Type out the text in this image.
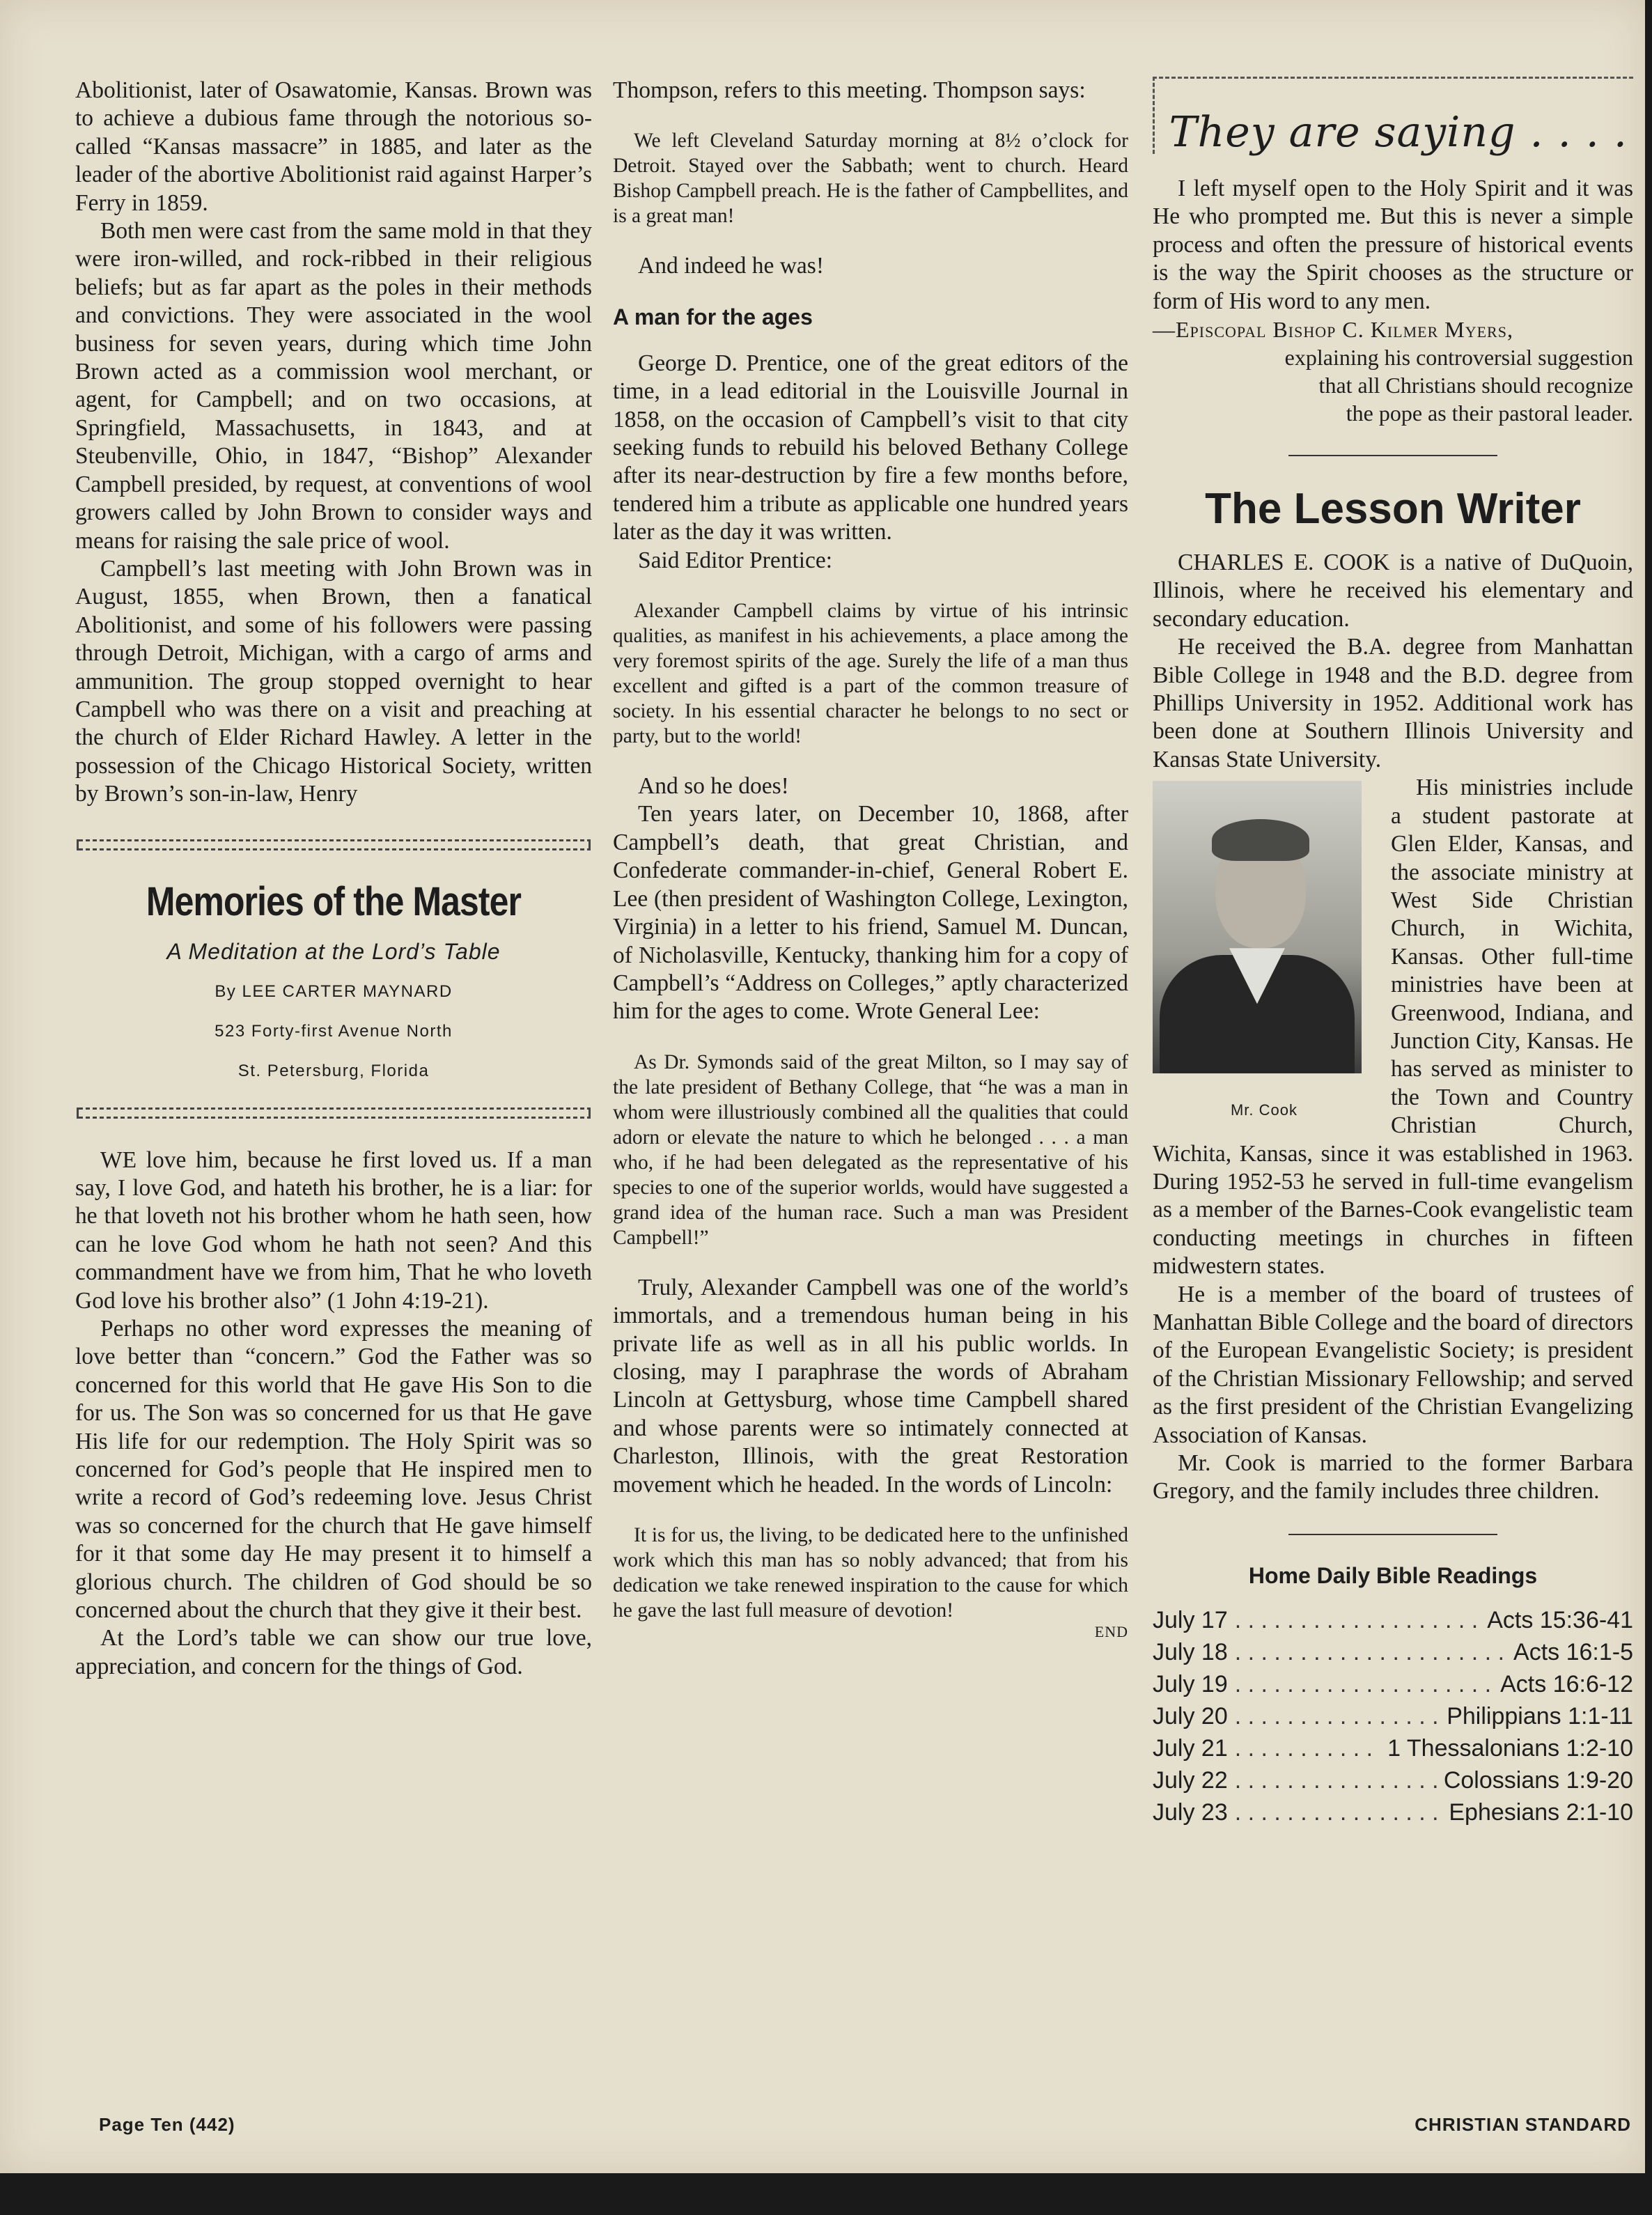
Abolitionist, later of Osawatomie, Kansas. Brown was to achieve a dubious fame through the notorious so-called “Kansas massacre” in 1885, and later as the leader of the abortive Abolitionist raid against Harper’s Ferry in 1859.

Both men were cast from the same mold in that they were iron-willed, and rock-ribbed in their religious beliefs; but as far apart as the poles in their methods and convictions. They were associated in the wool business for seven years, during which time John Brown acted as a commission wool merchant, or agent, for Campbell; and on two occasions, at Springfield, Massachusetts, in 1843, and at Steubenville, Ohio, in 1847, “Bishop” Alexander Campbell presided, by request, at conventions of wool growers called by John Brown to consider ways and means for raising the sale price of wool.

Campbell’s last meeting with John Brown was in August, 1855, when Brown, then a fanatical Abolitionist, and some of his followers were passing through Detroit, Michigan, with a cargo of arms and ammunition. The group stopped overnight to hear Campbell who was there on a visit and preaching at the church of Elder Richard Hawley. A letter in the possession of the Chicago Historical Society, written by Brown’s son-in-law, Henry

Memories of the Master
A Meditation at the Lord’s Table
By LEE CARTER MAYNARD
523 Forty-first Avenue North
St. Petersburg, Florida

WE love him, because he first loved us. If a man say, I love God, and hateth his brother, he is a liar: for he that loveth not his brother whom he hath seen, how can he love God whom he hath not seen? And this commandment have we from him, That he who loveth God love his brother also” (1 John 4:19-21).

Perhaps no other word expresses the meaning of love better than “concern.” God the Father was so concerned for this world that He gave His Son to die for us. The Son was so concerned for us that He gave His life for our redemption. The Holy Spirit was so concerned for God’s people that He inspired men to write a record of God’s redeeming love. Jesus Christ was so concerned for the church that He gave himself for it that some day He may present it to himself a glorious church. The children of God should be so concerned about the church that they give it their best.

At the Lord’s table we can show our true love, appreciation, and concern for the things of God.

Thompson, refers to this meeting. Thompson says:

We left Cleveland Saturday morning at 8½ o’clock for Detroit. Stayed over the Sabbath; went to church. Heard Bishop Campbell preach. He is the father of Campbellites, and is a great man!

And indeed he was!

A man for the ages

George D. Prentice, one of the great editors of the time, in a lead editorial in the Louisville Journal in 1858, on the occasion of Campbell’s visit to that city seeking funds to rebuild his beloved Bethany College after its near-destruction by fire a few months before, tendered him a tribute as applicable one hundred years later as the day it was written.

Said Editor Prentice:

Alexander Campbell claims by virtue of his intrinsic qualities, as manifest in his achievements, a place among the very foremost spirits of the age. Surely the life of a man thus excellent and gifted is a part of the common treasure of society. In his essential character he belongs to no sect or party, but to the world!

And so he does!

Ten years later, on December 10, 1868, after Campbell’s death, that great Christian, and Confederate commander-in-chief, General Robert E. Lee (then president of Washington College, Lexington, Virginia) in a letter to his friend, Samuel M. Duncan, of Nicholasville, Kentucky, thanking him for a copy of Campbell’s “Address on Colleges,” aptly characterized him for the ages to come. Wrote General Lee:

As Dr. Symonds said of the great Milton, so I may say of the late president of Bethany College, that “he was a man in whom were illustriously combined all the qualities that could adorn or elevate the nature to which he belonged . . . a man who, if he had been delegated as the representative of his species to one of the superior worlds, would have suggested a grand idea of the human race. Such a man was President Campbell!”

Truly, Alexander Campbell was one of the world’s immortals, and a tremendous human being in his private life as well as in all his public worlds. In closing, may I paraphrase the words of Abraham Lincoln at Gettysburg, whose time Campbell shared and whose parents were so intimately connected at Charleston, Illinois, with the great Restoration movement which he headed. In the words of Lincoln:

It is for us, the living, to be dedicated here to the unfinished work which this man has so nobly advanced; that from his dedication we take renewed inspiration to the cause for which he gave the last full measure of devotion!

END
They are saying . . . .

I left myself open to the Holy Spirit and it was He who prompted me. But this is never a simple process and often the pressure of historical events is the way the Spirit chooses as the structure or form of His word to any men.

—Episcopal Bishop C. Kilmer Myers,
explaining his controversial suggestion
that all Christians should recognize
the pope as their pastoral leader.
The Lesson Writer

CHARLES E. COOK is a native of DuQuoin, Illinois, where he received his elementary and secondary education.

He received the B.A. degree from Manhattan Bible College in 1948 and the B.D. degree from Phillips University in 1952. Additional work has been done at Southern Illinois University and Kansas State University.

Mr. Cook

His ministries include a student pastorate at Glen Elder, Kansas, and the associate ministry at West Side Christian Church, in Wichita, Kansas. Other full-time ministries have been at Greenwood, Indiana, and Junction City, Kansas. He has served as minister to the Town and Country Christian Church, Wichita, Kansas, since it was established in 1963. During 1952-53 he served in full-time evangelism as a member of the Barnes-Cook evangelistic team conducting meetings in churches in fifteen midwestern states.

He is a member of the board of trustees of Manhattan Bible College and the board of directors of the European Evangelistic Society; is president of the Christian Missionary Fellowship; and served as the first president of the Christian Evangelizing Association of Kansas.

Mr. Cook is married to the former Barbara Gregory, and the family includes three children.

Home Daily Bible Readings
July 17 . . .	Acts 15:36-41
July 18 . . .	Acts 16:1-5
July 19 . . .	Acts 16:6-12
July 20 . . .	Philippians 1:1-11
July 21 . . .	1 Thessalonians 1:2-10
July 22 . . .	Colossians 1:9-20
July 23 . . .	Ephesians 2:1-10
Page Ten (442)	CHRISTIAN STANDARD
